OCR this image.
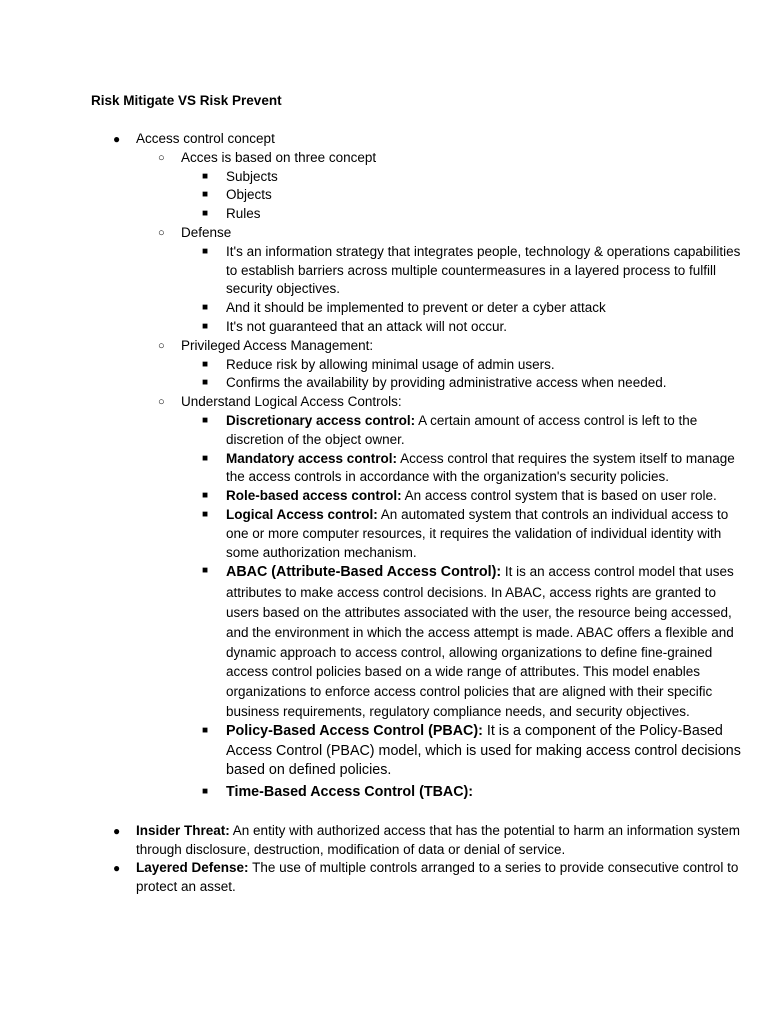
Risk Mitigate VS Risk Prevent
● Access control concept
○ Acces is based on three concept
■ Subjects
■ Objects
■ Rules
○ Defense
■ It's an information strategy that integrates people, technology & operations capabilities to establish barriers across multiple countermeasures in a layered process to fulfill security objectives.
■ And it should be implemented to prevent or deter a cyber attack
■ It's not guaranteed that an attack will not occur.
○ Privileged Access Management:
■ Reduce risk by allowing minimal usage of admin users.
■ Confirms the availability by providing administrative access when needed.
○ Understand Logical Access Controls:
■ Discretionary access control: A certain amount of access control is left to the discretion of the object owner.
■ Mandatory access control: Access control that requires the system itself to manage the access controls in accordance with the organization's security policies.
■ Role-based access control: An access control system that is based on user role.
■ Logical Access control: An automated system that controls an individual access to one or more computer resources, it requires the validation of individual identity with some authorization mechanism.
■ ABAC (Attribute-Based Access Control): It is an access control model that uses attributes to make access control decisions. In ABAC, access rights are granted to users based on the attributes associated with the user, the resource being accessed, and the environment in which the access attempt is made. ABAC offers a flexible and dynamic approach to access control, allowing organizations to define fine-grained access control policies based on a wide range of attributes. This model enables organizations to enforce access control policies that are aligned with their specific business requirements, regulatory compliance needs, and security objectives.
■ Policy-Based Access Control (PBAC): It is a component of the Policy-Based Access Control (PBAC) model, which is used for making access control decisions based on defined policies.
■ Time-Based Access Control (TBAC):
● Insider Threat: An entity with authorized access that has the potential to harm an information system through disclosure, destruction, modification of data or denial of service.
● Layered Defense: The use of multiple controls arranged to a series to provide consecutive control to protect an asset.
